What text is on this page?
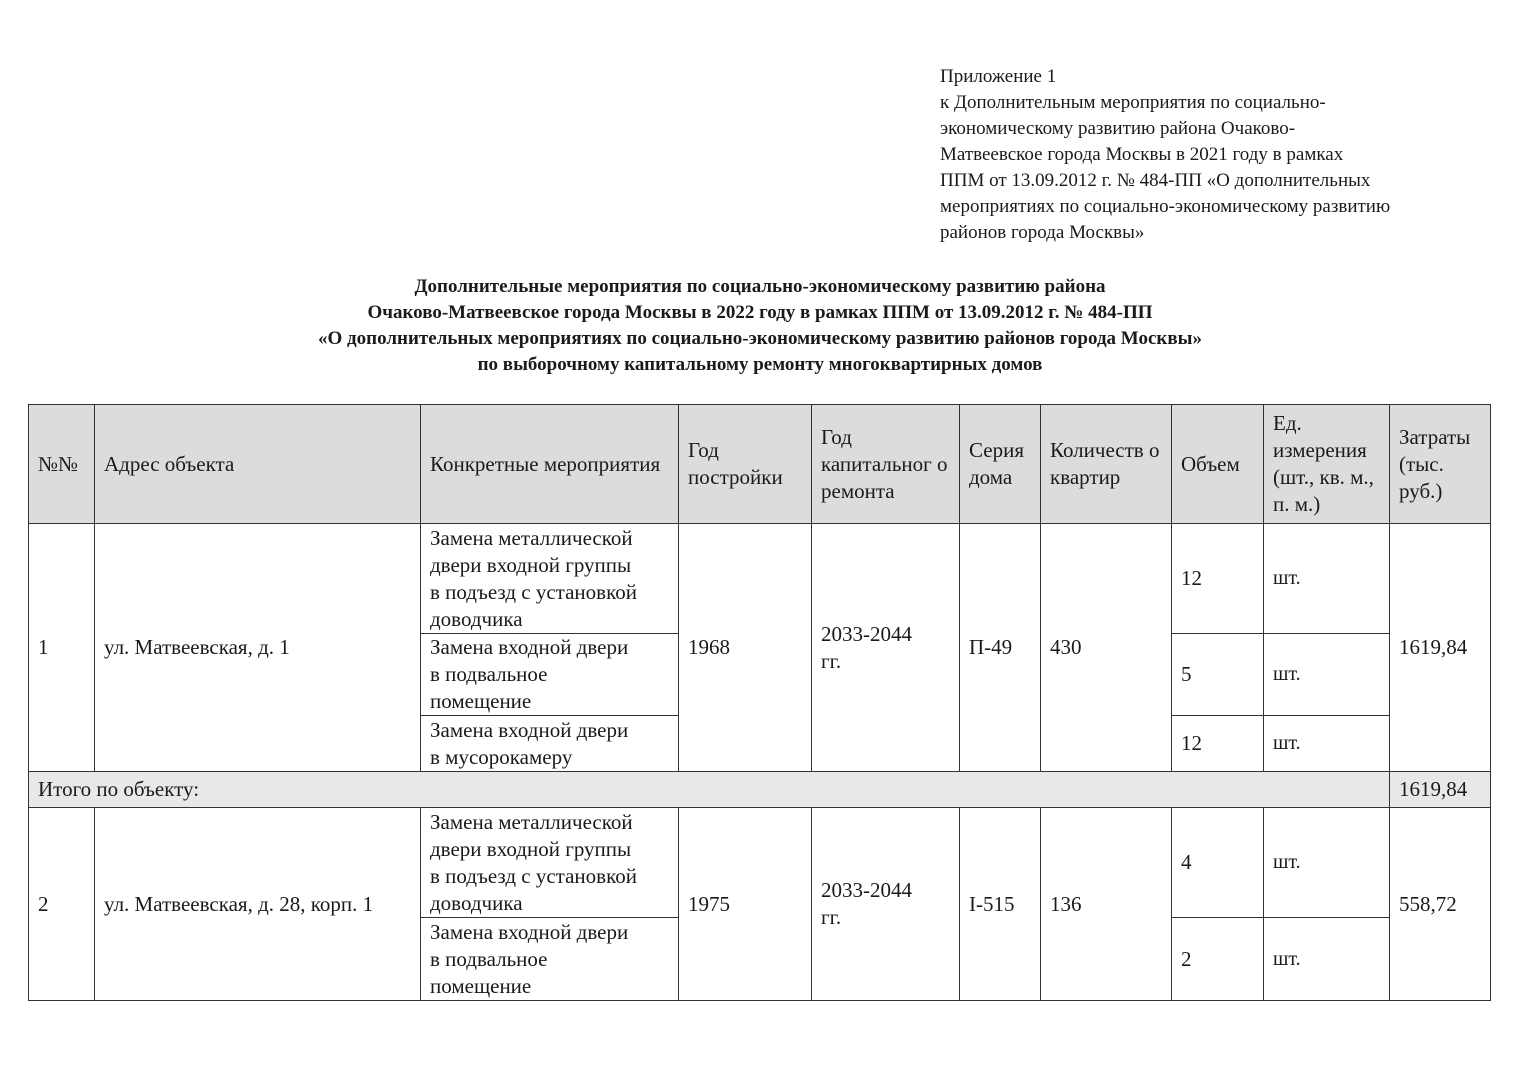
Приложение 1
к Дополнительным мероприятия по социально-
экономическому развитию района Очаково-
Матвеевское города Москвы в 2021 году в рамках
ППМ от 13.09.2012 г. № 484-ПП «О дополнительных
мероприятиях по социально-экономическому развитию
районов города Москвы»
Дополнительные мероприятия по социально-экономическому развитию района
Очаково-Матвеевское города Москвы в 2022 году в рамках ППМ от 13.09.2012 г. № 484-ПП
«О дополнительных мероприятиях по социально-экономическому развитию районов города Москвы»
по выборочному капитальному ремонту многоквартирных домов
№№	Адрес объекта	Конкретные мероприятия	Год постройки	Год капитальног о ремонта	Серия дома	Количеств о квартир	Объем	Ед. измерения (шт., кв. м., п. м.)	Затраты (тыс. руб.)
1	ул. Матвеевская, д. 1	Замена металлической
двери входной группы
в подъезд с установкой
доводчика	1968	2033-2044
гг.	П-49	430	12	шт.	1619,84
		Замена входной двери
в подвальное
помещение					5	шт.	
		Замена входной двери
в мусорокамеру					12	шт.	
Итого по объекту:									1619,84
2	ул. Матвеевская, д. 28, корп. 1	Замена металлической
двери входной группы
в подъезд с установкой
доводчика	1975	2033-2044
гг.	I-515	136	4	шт.	558,72
		Замена входной двери
в подвальное
помещение					2	шт.	
